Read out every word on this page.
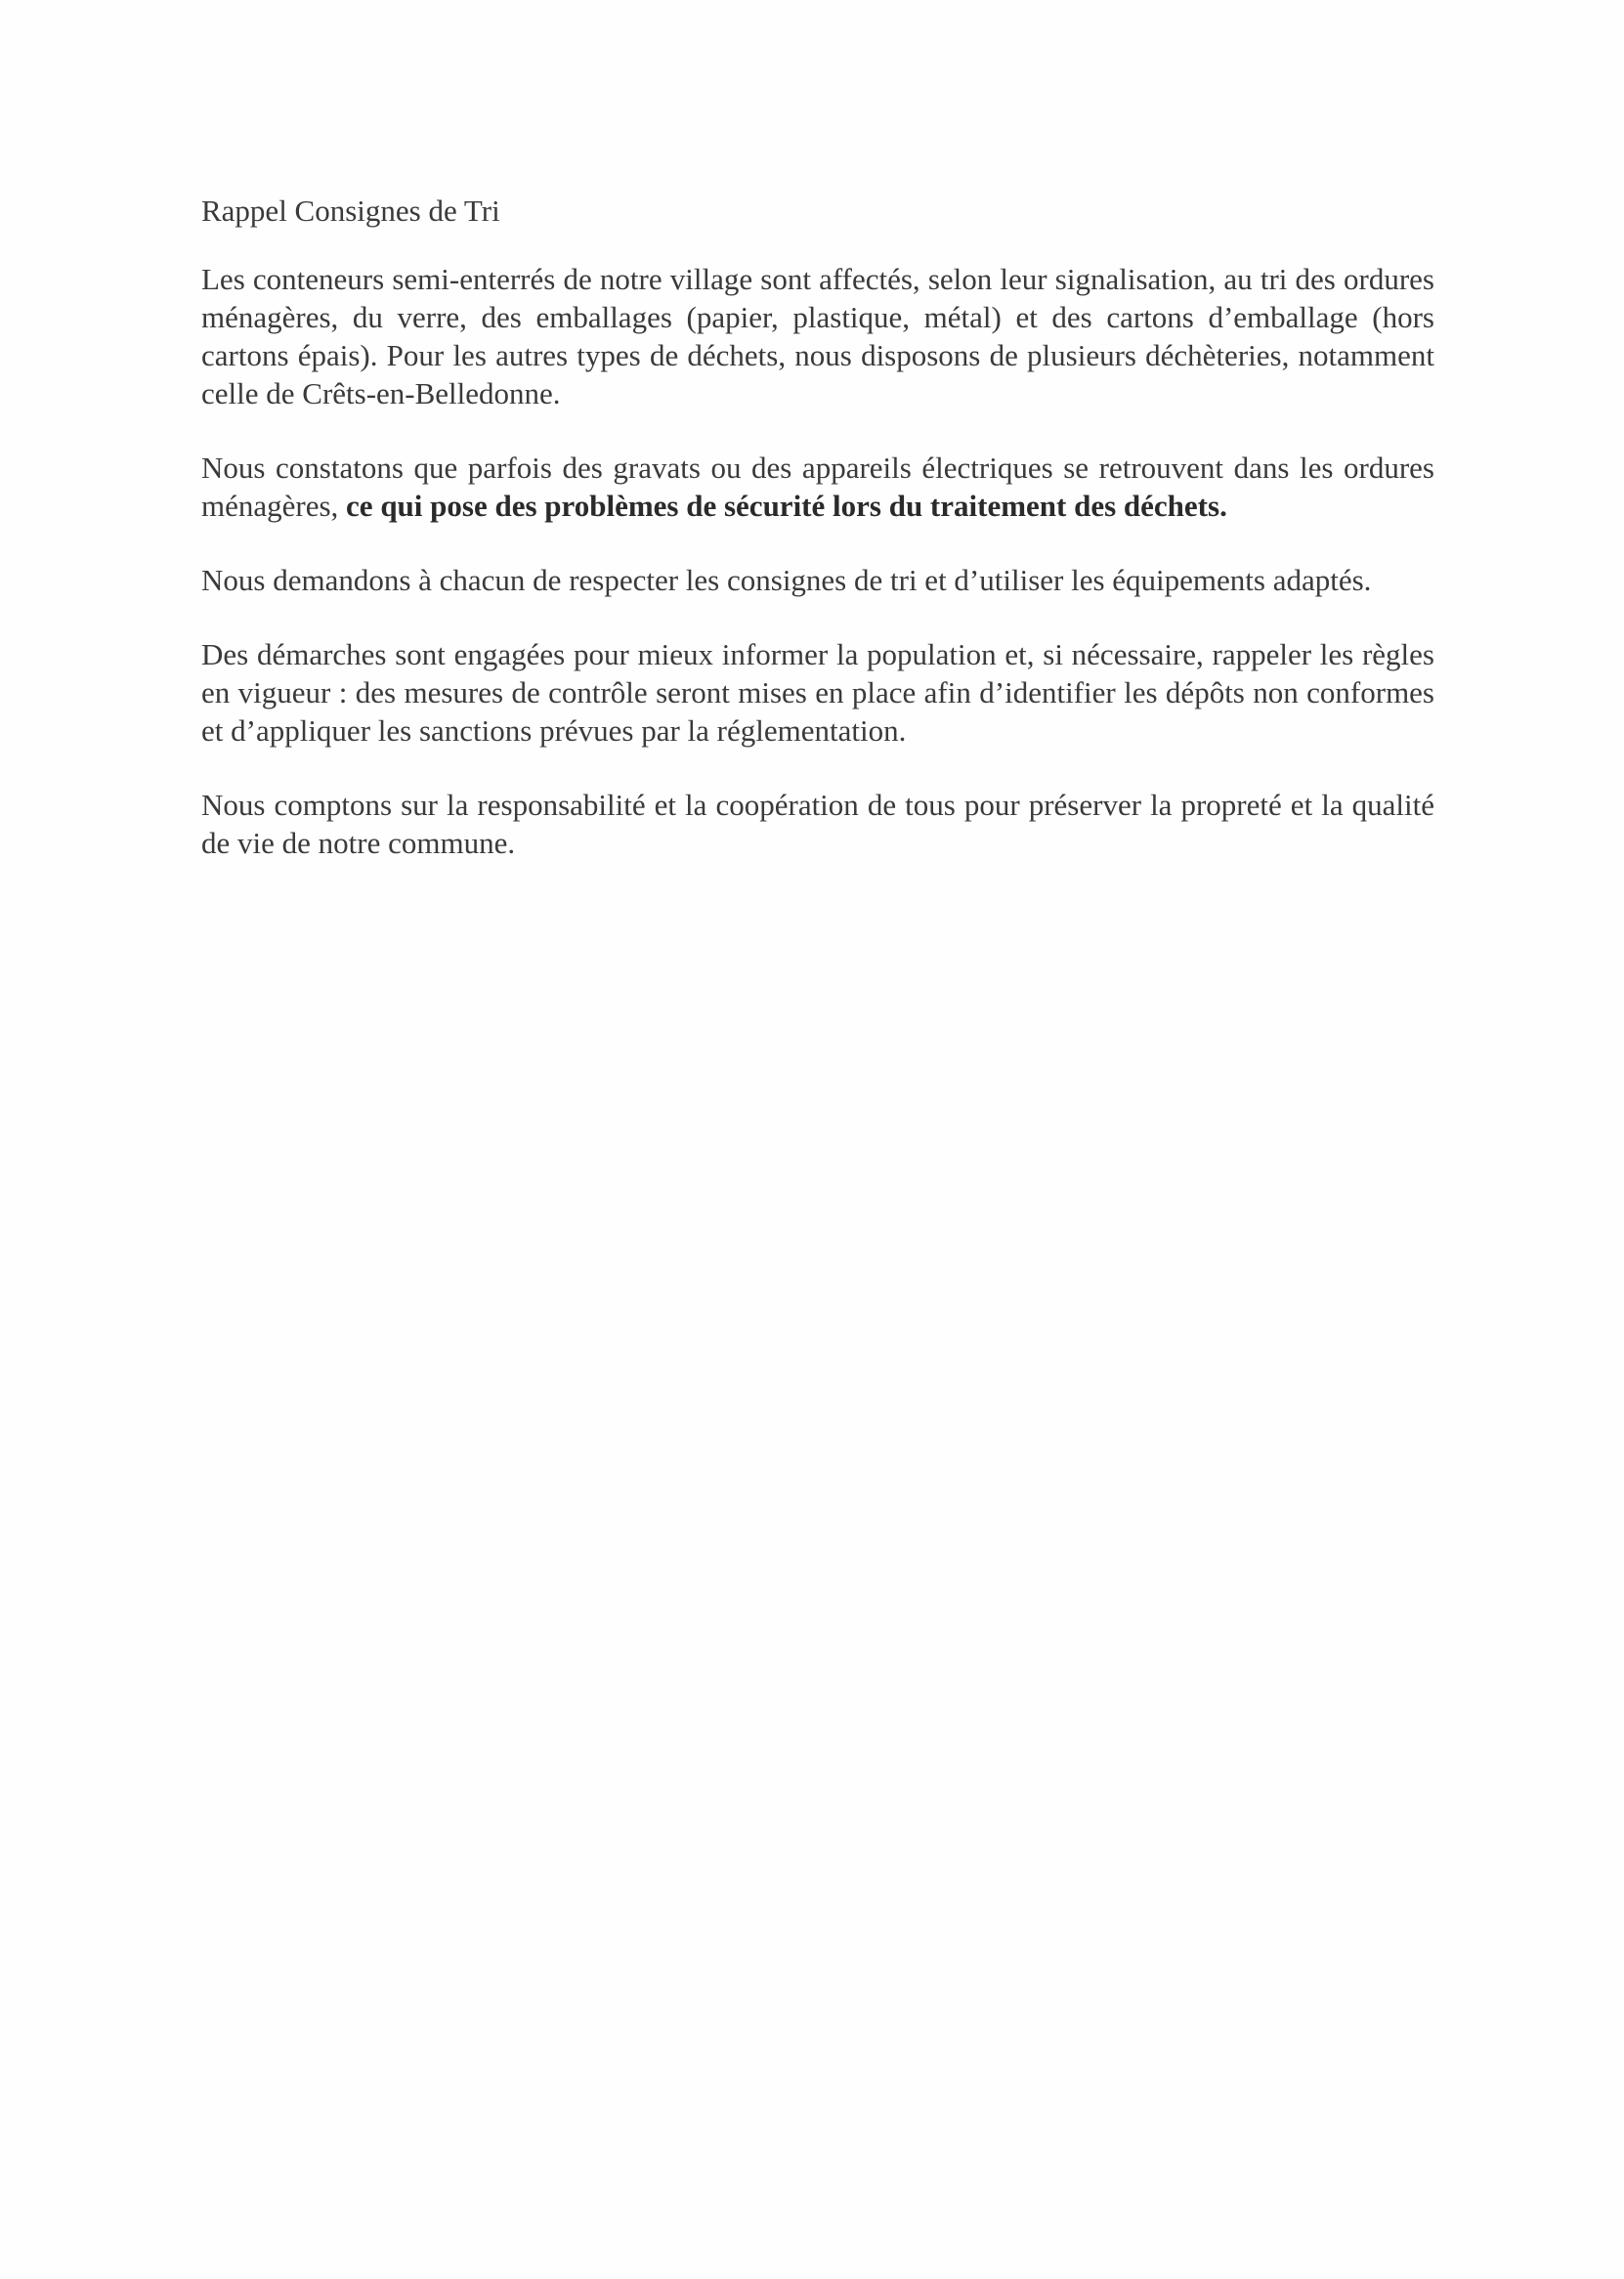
Rappel Consignes de Tri

Les conteneurs semi-enterrés de notre village sont affectés, selon leur signalisation, au tri des ordures ménagères, du verre, des emballages (papier, plastique, métal) et des cartons d’emballage (hors cartons épais). Pour les autres types de déchets, nous disposons de plusieurs déchèteries, notamment celle de Crêts-en-Belledonne.

Nous constatons que parfois des gravats ou des appareils électriques se retrouvent dans les ordures ménagères, ce qui pose des problèmes de sécurité lors du traitement des déchets.

Nous demandons à chacun de respecter les consignes de tri et d’utiliser les équipements adaptés.

Des démarches sont engagées pour mieux informer la population et, si nécessaire, rappeler les règles en vigueur : des mesures de contrôle seront mises en place afin d’identifier les dépôts non conformes et d’appliquer les sanctions prévues par la réglementation.

Nous comptons sur la responsabilité et la coopération de tous pour préserver la propreté et la qualité de vie de notre commune.
